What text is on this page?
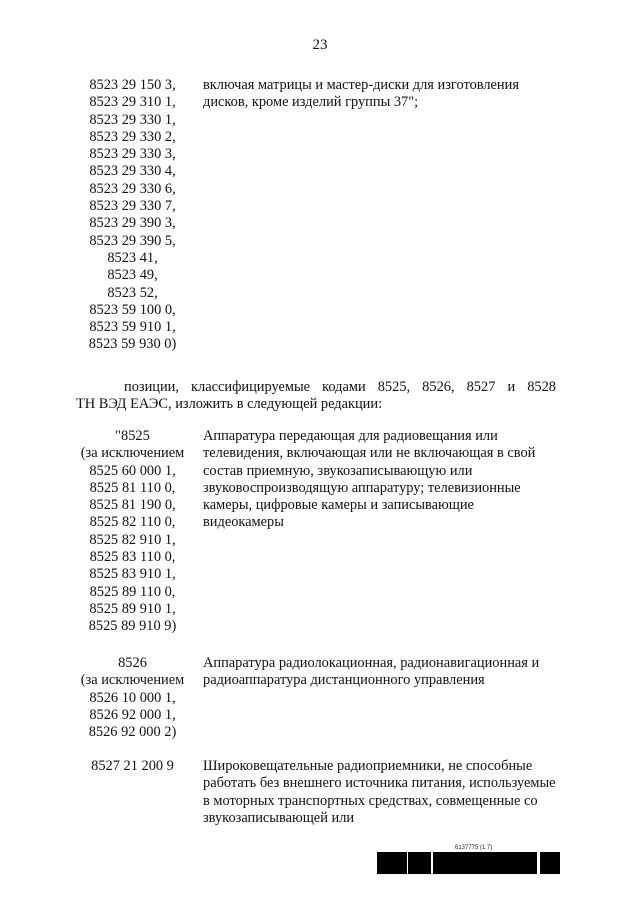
23
8523 29 150 3,
8523 29 310 1,
8523 29 330 1,
8523 29 330 2,
8523 29 330 3,
8523 29 330 4,
8523 29 330 6,
8523 29 330 7,
8523 29 390 3,
8523 29 390 5,
8523 41,
8523 49,
8523 52,
8523 59 100 0,
8523 59 910 1,
8523 59 930 0)
включая матрицы и мастер-диски для изготовления дисков, кроме изделий группы 37";
позиции, классифицируемые кодами 8525, 8526, 8527 и 8528
ТН ВЭД ЕАЭС, изложить в следующей редакции:
"8525
(за исключением
8525 60 000 1,
8525 81 110 0,
8525 81 190 0,
8525 82 110 0,
8525 82 910 1,
8525 83 110 0,
8525 83 910 1,
8525 89 110 0,
8525 89 910 1,
8525 89 910 9)
Аппаратура передающая для радиовещания или телевидения, включающая или не включающая в свой состав приемную, звукозаписывающую или звуковоспроизводящую аппаратуру; телевизионные камеры, цифровые камеры и записывающие видеокамеры
8526
(за исключением
8526 10 000 1,
8526 92 000 1,
8526 92 000 2)
Аппаратура радиолокационная, радионавигационная и радиоаппаратура дистанционного управления
8527 21 200 9	Широковещательные радиоприемники, не способные работать без внешнего источника питания, используемые в моторных транспортных средствах, совмещенные со звукозаписывающей или
6137775 (1.7)
